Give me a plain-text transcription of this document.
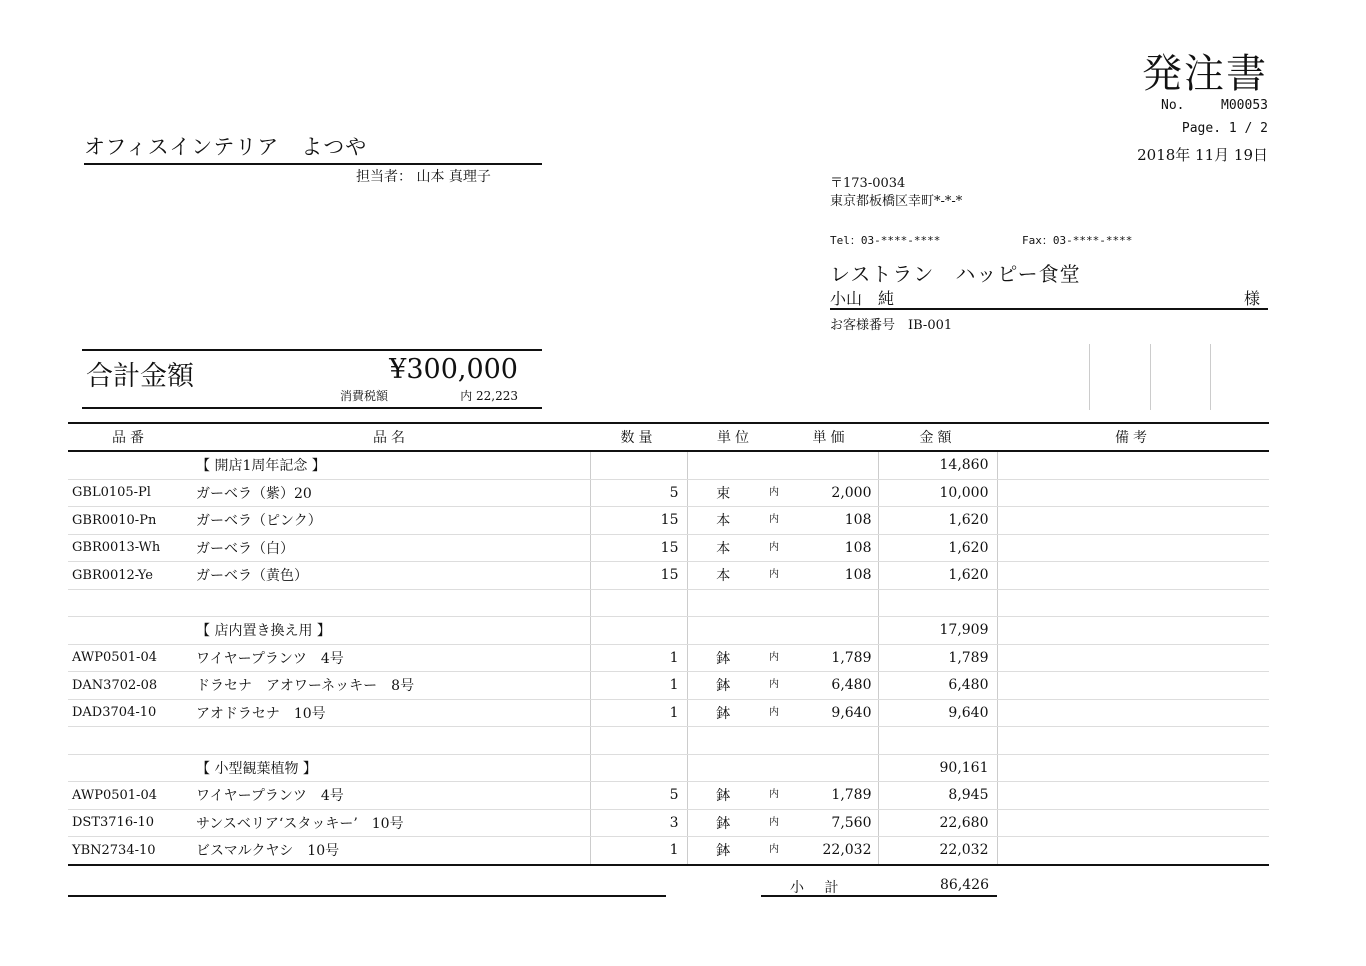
発注書
No.	M00053
Page. 1 / 2
2018年 11月 19日
オフィスインテリア　よつや
担当者： 山本 真理子	〒173-0034
東京都板橋区幸町*-*-*
Tel：03-****-****	Fax：03-****-****
レストラン　ハッピー食堂
小山　純	様
お客様番号　IB-001
合計金額	¥300,000
消費税額	内 22,223
品番	品名	数量	単位	単価	金額	備考
	【 開店1周年記念 】				14,860	
GBL0105-Pl	ガーベラ（紫）20	5	束 内	2,000	10,000	
GBR0010-Pn	ガーベラ（ピンク）	15	本 内	108	1,620	
GBR0013-Wh	ガーベラ（白）	15	本 内	108	1,620	
GBR0012-Ye	ガーベラ（黄色）	15	本 内	108	1,620	

	【 店内置き換え用 】				17,909	
AWP0501-04	ワイヤープランツ　4号	1	鉢 内	1,789	1,789	
DAN3702-08	ドラセナ　アオワーネッキー　8号	1	鉢 内	6,480	6,480	
DAD3704-10	アオドラセナ　10号	1	鉢 内	9,640	9,640	

	【 小型観葉植物 】				90,161	
AWP0501-04	ワイヤープランツ　4号	5	鉢 内	1,789	8,945	
DST3716-10	サンスベリア‘スタッキー’　10号	3	鉢 内	7,560	22,680	
YBN2734-10	ビスマルクヤシ　10号	1	鉢 内	22,032	22,032	
小 計	86,426
